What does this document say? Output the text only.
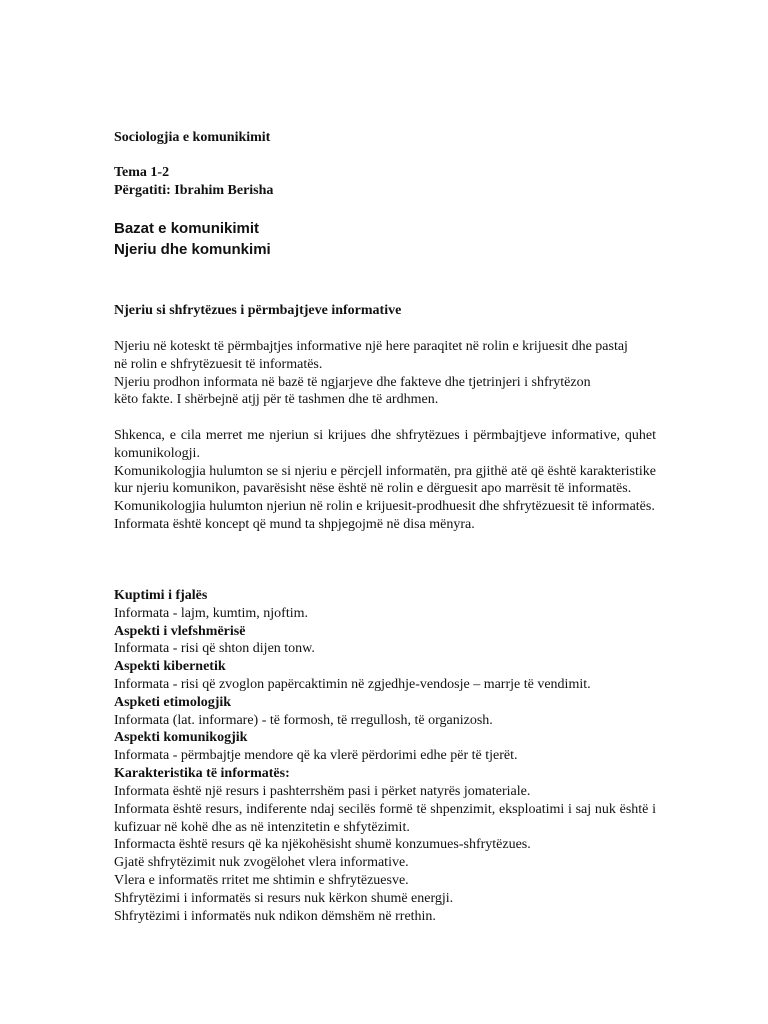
Sociologjia e komunikimit
Tema 1-2
Përgatiti: Ibrahim Berisha
Bazat e komunikimit
Njeriu dhe komunkimi
Njeriu si shfrytëzues i përmbajtjeve informative
Njeriu në koteskt të përmbajtjes informative një here paraqitet në rolin e krijuesit dhe pastaj
në rolin e shfrytëzuesit të informatës.
Njeriu prodhon informata në bazë të ngjarjeve dhe fakteve dhe tjetrinjeri i shfrytëzon
këto fakte. I shërbejnë atjj për të tashmen dhe të ardhmen.
Shkenca, e cila merret me njeriun si krijues dhe shfrytëzues i përmbajtjeve informative, quhet komunikologji.
Komunikologjia hulumton se si njeriu e përcjell informatën, pra gjithë atë që është karakteristike kur njeriu komunikon, pavarësisht nëse është në rolin e dërguesit apo marrësit të informatës.
Komunikologjia hulumton njeriun në rolin e krijuesit-prodhuesit dhe shfrytëzuesit të informatës.
Informata është koncept që mund ta shpjegojmë në disa mënyra.
Kuptimi i fjalës
Informata - lajm, kumtim, njoftim.
Aspekti i vlefshmërisë
Informata - risi që shton dijen tonw.
Aspekti kibernetik
Informata - risi që zvoglon papërcaktimin në zgjedhje-vendosje – marrje të vendimit.
Aspketi etimologjik
Informata (lat. informare) - të formosh, të rregullosh, të organizosh.
Aspekti komunikogjik
Informata - përmbajtje mendore që ka vlerë përdorimi edhe për të tjerët.
Karakteristika të informatës:
Informata është një resurs i pashterrshëm pasi i përket natyrës jomateriale.
Informata është resurs, indiferente ndaj secilës formë të shpenzimit, eksploatimi i saj nuk është i kufizuar në kohë dhe as në intenzitetin e shfytëzimit.
Informacta është resurs që ka njëkohësisht shumë konzumues-shfrytëzues.
Gjatë shfrytëzimit nuk zvogëlohet vlera informative.
Vlera e informatës rritet me shtimin e shfrytëzuesve.
Shfrytëzimi i informatës si resurs nuk kërkon shumë energji.
Shfrytëzimi i informatës nuk ndikon dëmshëm në rrethin.
